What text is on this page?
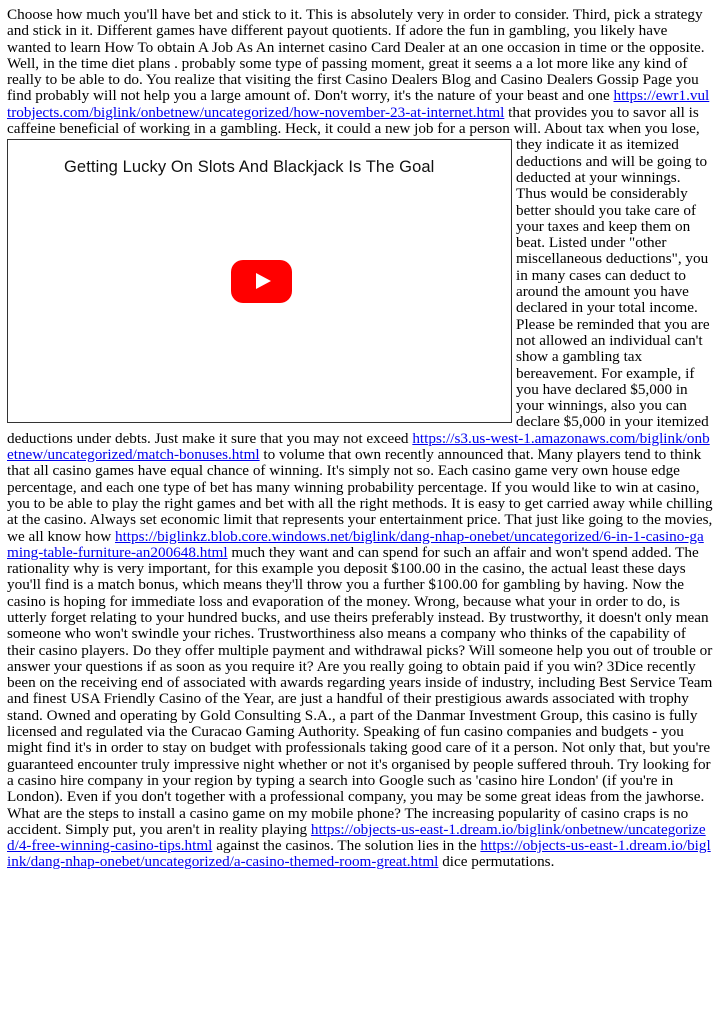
Choose how much you'll have bet and stick to it. This is absolutely very in order to consider. Third, pick a strategy and stick in it. Different games have different payout quotients. If adore the fun in gambling, you likely have wanted to learn How To obtain A Job As An internet casino Card Dealer at an one occasion in time or the opposite. Well, in the time diet plans . probably some type of passing moment, great it seems a a lot more like any kind of really to be able to do. You realize that visiting the first Casino Dealers Blog and Casino Dealers Gossip Page you find probably will not help you a large amount of. Don't worry, it's the nature of your beast and one https://ewr1.vultrobjects.com/biglink/onbetnew/uncategorized/how-november-23-at-internet.html that provides you to savor all is caffeine beneficial of working in a gambling. Heck, it could a new job for a person will. About tax when you
Getting Lucky On Slots And Blackjack Is The Goal
lose, they indicate it as itemized deductions and will be going to deducted at your winnings. Thus would be considerably better should you take care of your taxes and keep them on beat. Listed under "other miscellaneous deductions", you in many cases can deduct to around the amount you have declared in your total income. Please be reminded that you are not allowed an individual can't show a gambling tax bereavement. For example, if you have declared $5,000 in your winnings, also you can declare $5,000 in your itemized deductions under debts. Just make it sure that you may not exceed https://s3.us-west-1.amazonaws.com/biglink/onbetnew/uncategorized/match-bonuses.html to volume that own recently announced that. Many players tend to think that all casino games have equal chance of winning. It's simply not so. Each casino game very own house edge percentage, and each one type of bet has many winning probability percentage. If you would like to win at casino, you to be able to play the right games and bet with all the right methods. It is easy to get carried away while chilling at the casino. Always set economic limit that represents your entertainment price. That just like going to the movies, we all know how https://biglinkz.blob.core.windows.net/biglink/dang-nhap-onebet/uncategorized/6-in-1-casino-gaming-table-furniture-an200648.html much they want and can spend for such an affair and won't spend added. The rationality why is very important, for this example you deposit $100.00 in the casino, the actual least these days you'll find is a match bonus, which means they'll throw you a further $100.00 for gambling by having. Now the casino is hoping for immediate loss and evaporation of the money. Wrong, because what your in order to do, is utterly forget relating to your hundred bucks, and use theirs preferably instead. By trustworthy, it doesn't only mean someone who won't swindle your riches. Trustworthiness also means a company who thinks of the capability of their casino players. Do they offer multiple payment and withdrawal picks? Will someone help you out of trouble or answer your questions if as soon as you require it? Are you really going to obtain paid if you win? 3Dice recently been on the receiving end of associated with awards regarding years inside of industry, including Best Service Team and finest USA Friendly Casino of the Year, are just a handful of their prestigious awards associated with trophy stand. Owned and operating by Gold Consulting S.A., a part of the Danmar Investment Group, this casino is fully licensed and regulated via the Curacao Gaming Authority. Speaking of fun casino companies and budgets - you might find it's in order to stay on budget with professionals taking good care of it a person. Not only that, but you're guaranteed encounter truly impressive night whether or not it's organised by people suffered throuh. Try looking for a casino hire company in your region by typing a search into Google such as 'casino hire London' (if you're in London). Even if you don't together with a professional company, you may be some great ideas from the jawhorse. What are the steps to install a casino game on my mobile phone? The increasing popularity of casino craps is no accident. Simply put, you aren't in reality playing https://objects-us-east-1.dream.io/biglink/onbetnew/uncategorized/4-free-winning-casino-tips.html against the casinos. The solution lies in the https://objects-us-east-1.dream.io/biglink/dang-nhap-onebet/uncategorized/a-casino-themed-room-great.html dice permutations.
